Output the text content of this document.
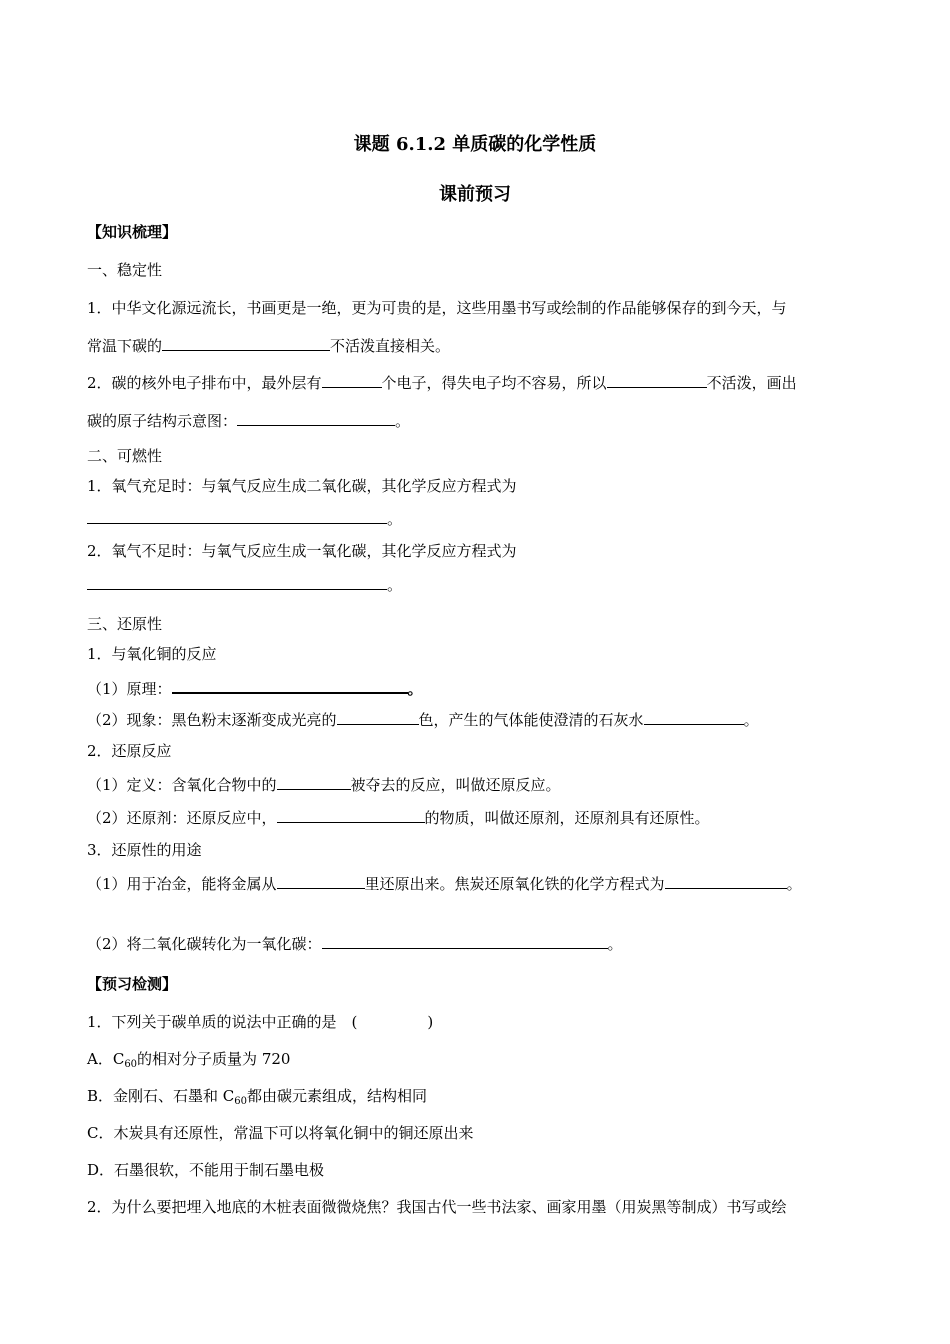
课题 6.1.2 单质碳的化学性质
课前预习
【知识梳理】
一、稳定性
1．中华文化源远流长，书画更是一绝，更为可贵的是，这些用墨书写或绘制的作品能够保存的到今天，与
常温下碳的	不活泼直接相关。
2．碳的核外电子排布中，最外层有	个电子，得失电子均不容易，所以	不活泼，画出
碳的原子结构示意图：	。
二、可燃性
1．氧气充足时：与氧气反应生成二氧化碳，其化学反应方程式为
。
2．氧气不足时：与氧气反应生成一氧化碳，其化学反应方程式为
。
三、还原性
1．与氧化铜的反应
（1）原理：	。
（2）现象：黑色粉末逐渐变成光亮的	色，产生的气体能使澄清的石灰水	。
2．还原反应
（1）定义：含氧化合物中的	被夺去的反应，叫做还原反应。
（2）还原剂：还原反应中，	的物质，叫做还原剂，还原剂具有还原性。
3．还原性的用途
（1）用于冶金，能将金属从	里还原出来。焦炭还原氧化铁的化学方程式为	。
（2）将二氧化碳转化为一氧化碳：	。
【预习检测】
1．下列关于碳单质的说法中正确的是　(	)
A．$C_{60}$的相对分子质量为 720
B．金刚石、石墨和 $C_{60}$都由碳元素组成，结构相同
C．木炭具有还原性，常温下可以将氧化铜中的铜还原出来
D．石墨很软，不能用于制石墨电极
2．为什么要把埋入地底的木桩表面微微烧焦？我国古代一些书法家、画家用墨（用炭黑等制成）书写或绘
